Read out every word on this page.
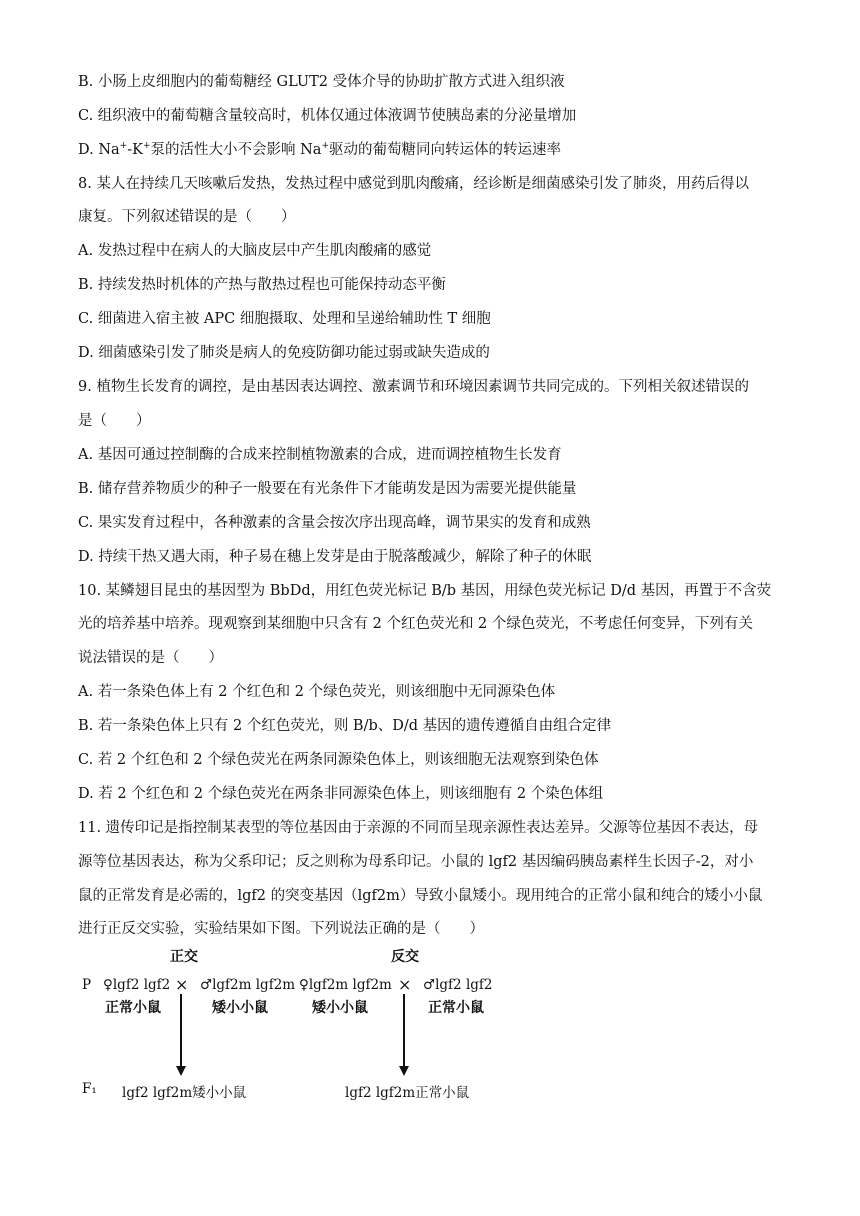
B. 小肠上皮细胞内的葡萄糖经 GLUT2 受体介导的协助扩散方式进入组织液
C. 组织液中的葡萄糖含量较高时，机体仅通过体液调节使胰岛素的分泌量增加
D. Na+-K+泵的活性大小不会影响 Na+驱动的葡萄糖同向转运体的转运速率
8. 某人在持续几天咳嗽后发热，发热过程中感觉到肌肉酸痛，经诊断是细菌感染引发了肺炎，用药后得以
康复。下列叙述错误的是（　　）
A. 发热过程中在病人的大脑皮层中产生肌肉酸痛的感觉
B. 持续发热时机体的产热与散热过程也可能保持动态平衡
C. 细菌进入宿主被 APC 细胞摄取、处理和呈递给辅助性 T 细胞
D. 细菌感染引发了肺炎是病人的免疫防御功能过弱或缺失造成的
9. 植物生长发育的调控，是由基因表达调控、激素调节和环境因素调节共同完成的。下列相关叙述错误的
是（　　）
A. 基因可通过控制酶的合成来控制植物激素的合成，进而调控植物生长发育
B. 储存营养物质少的种子一般要在有光条件下才能萌发是因为需要光提供能量
C. 果实发育过程中，各种激素的含量会按次序出现高峰，调节果实的发育和成熟
D. 持续干热又遇大雨，种子易在穗上发芽是由于脱落酸减少，解除了种子的休眠
10. 某鳞翅目昆虫的基因型为 BbDd，用红色荧光标记 B/b 基因，用绿色荧光标记 D/d 基因，再置于不含荧
光的培养基中培养。现观察到某细胞中只含有 2 个红色荧光和 2 个绿色荧光，不考虑任何变异，下列有关
说法错误的是（　　）
A. 若一条染色体上有 2 个红色和 2 个绿色荧光，则该细胞中无同源染色体
B. 若一条染色体上只有 2 个红色荧光，则 B/b、D/d 基因的遗传遵循自由组合定律
C. 若 2 个红色和 2 个绿色荧光在两条同源染色体上，则该细胞无法观察到染色体
D. 若 2 个红色和 2 个绿色荧光在两条非同源染色体上，则该细胞有 2 个染色体组
11. 遗传印记是指控制某表型的等位基因由于亲源的不同而呈现亲源性表达差异。父源等位基因不表达，母
源等位基因表达，称为父系印记；反之则称为母系印记。小鼠的 lgf2 基因编码胰岛素样生长因子-2，对小
鼠的正常发育是必需的，lgf2 的突变基因（lgf2m）导致小鼠矮小。现用纯合的正常小鼠和纯合的矮小小鼠
进行正反交实验，实验结果如下图。下列说法正确的是（　　）
正交	反交
P ♀lgf2 lgf2 × ♂lgf2m lgf2m
正常小鼠	矮小小鼠
♀lgf2m lgf2m × ♂lgf2 lgf2
矮小小鼠	正常小鼠
F₁ lgf2 lgf2m矮小小鼠	lgf2 lgf2m正常小鼠
